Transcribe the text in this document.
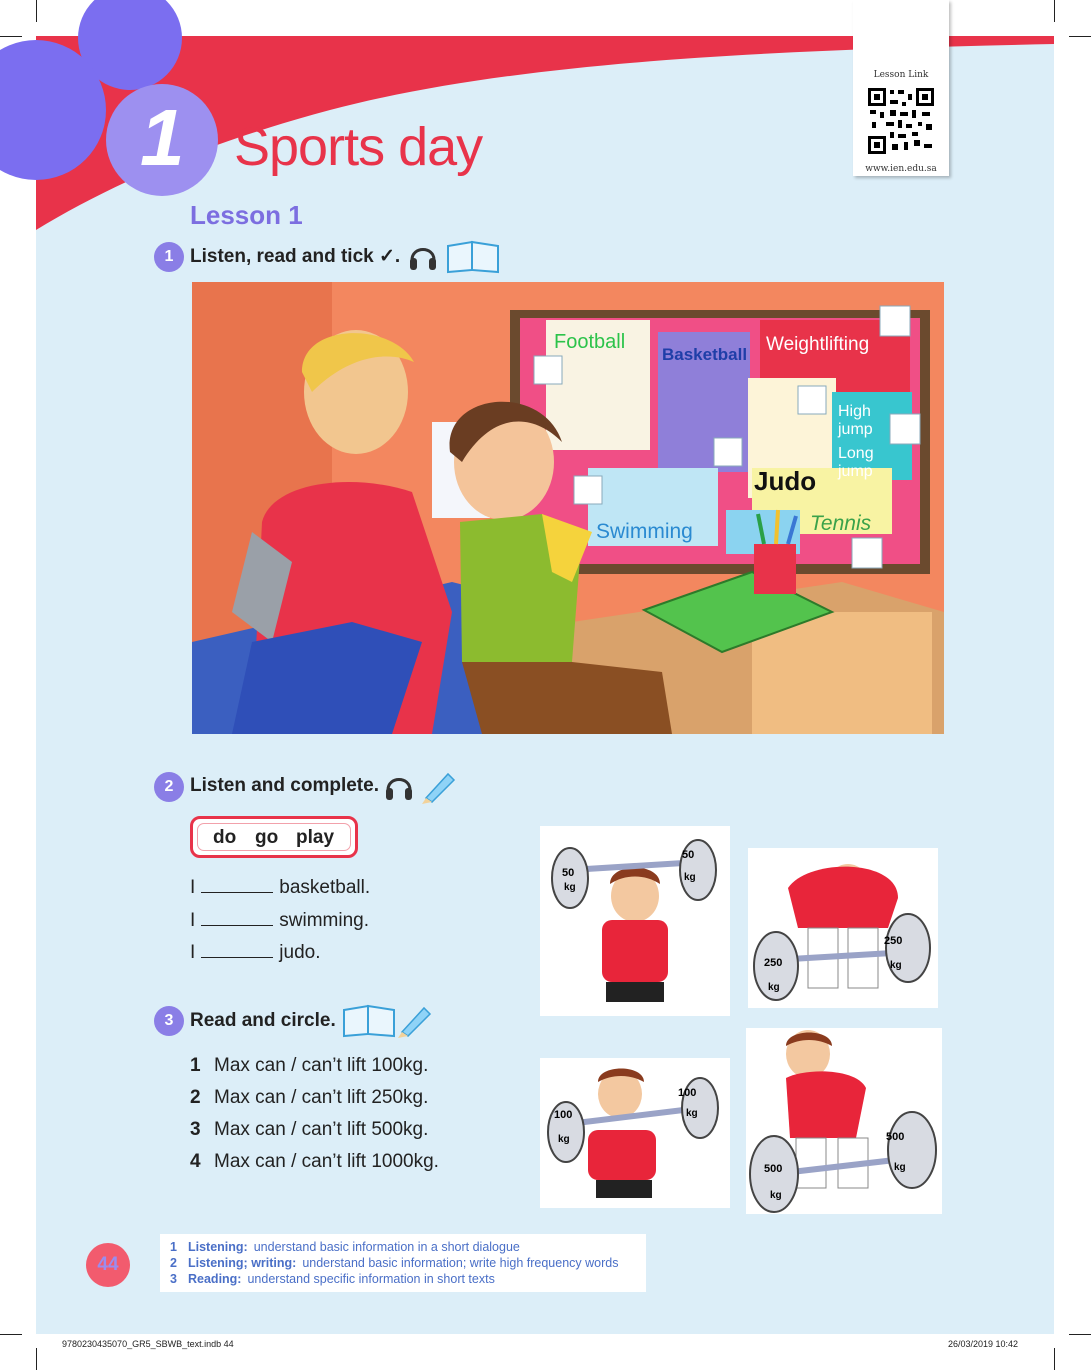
1 Sports day
Lesson Link
www.ien.edu.sa
Lesson 1
1 Listen, read and tick ✓.
Football
Basketball Weightlifting
High
jump
Long
jump
Judo
Swimming	Tennis
2 Listen and complete.
do go play
I	basketball.
I	swimming.
I	judo.
3 Read and circle.
1 Max can / can’t lift 100kg.
2 Max can / can’t lift 250kg.
3 Max can / can’t lift 500kg.
4 Max can / can’t lift 1000kg.
50
kg
50
kg
250
kg
250
kg
100
kg
100
kg
500
kg
500
kg
44
1 Listening: understand basic information in a short dialogue
2 Listening; writing: understand basic information; write high frequency words
3 Reading: understand specific information in short texts
9780230435070_GR5_SBWB_text.indb 44	26/03/2019 10:42
